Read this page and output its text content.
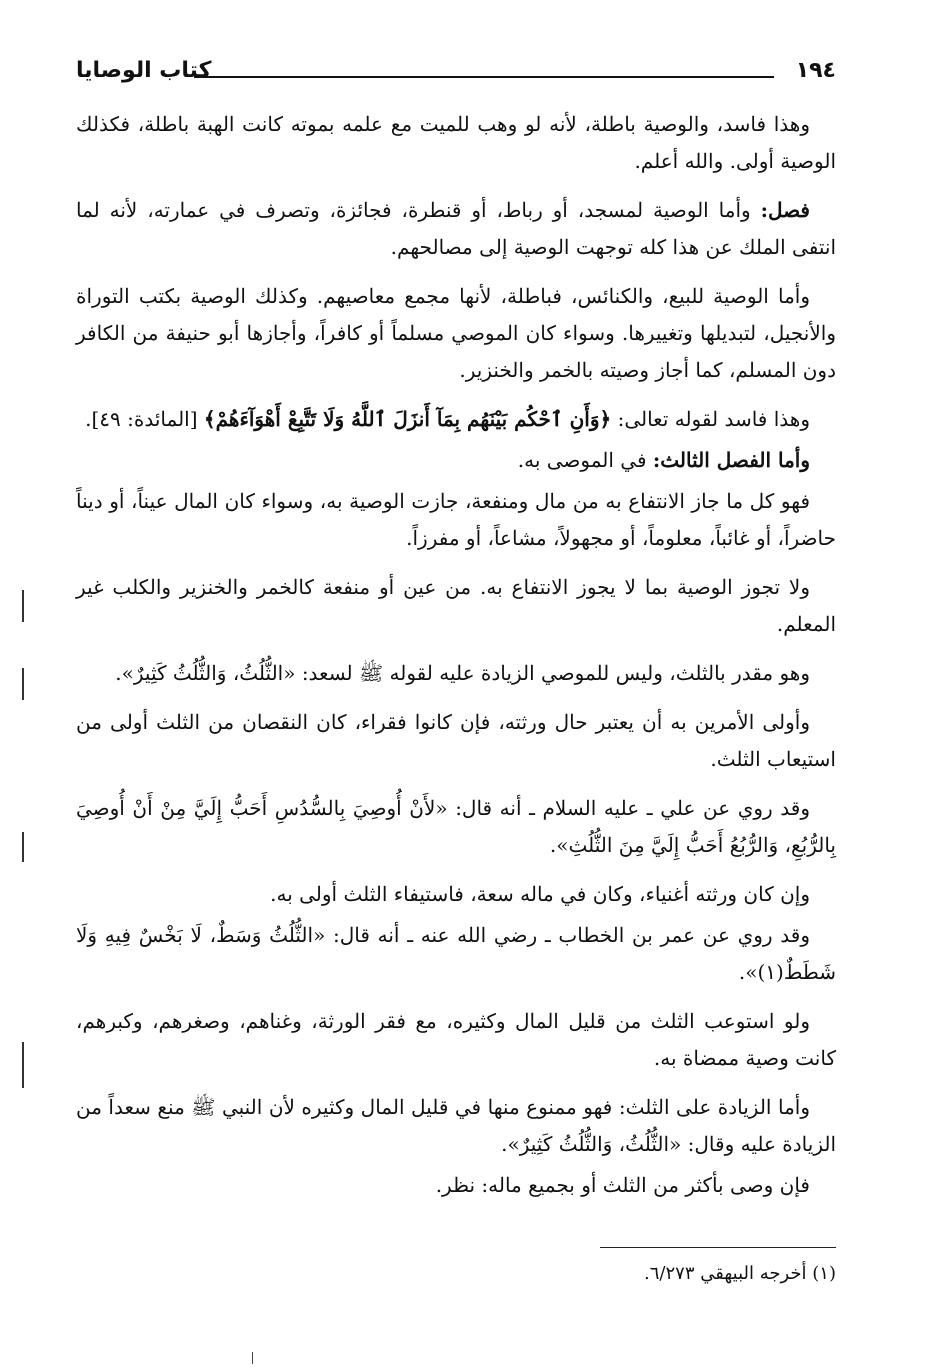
كتاب الوصايا	١٩٤

وهذا فاسد، والوصية باطلة، لأنه لو وهب للميت مع علمه بموته كانت الهبة باطلة، فكذلك الوصية أولى. والله أعلم.

فصل: وأما الوصية لمسجد، أو رباط، أو قنطرة، فجائزة، وتصرف في عمارته، لأنه لما انتفى الملك عن هذا كله توجهت الوصية إلى مصالحهم.

وأما الوصية للبيع، والكنائس، فباطلة، لأنها مجمع معاصيهم. وكذلك الوصية بكتب التوراة والأنجيل، لتبديلها وتغييرها. وسواء كان الموصي مسلماً أو كافراً، وأجازها أبو حنيفة من الكافر دون المسلم، كما أجاز وصيته بالخمر والخنزير.

وهذا فاسد لقوله تعالى: ﴿وَأَنِ ٱحْكُم بَيْنَهُم بِمَآ أَنزَلَ ٱللَّهُ وَلَا تَتَّبِعْ أَهْوَآءَهُمْ﴾ [المائدة: ٤٩].

وأما الفصل الثالث: في الموصى به.

فهو كل ما جاز الانتفاع به من مال ومنفعة، جازت الوصية به، وسواء كان المال عيناً، أو ديناً حاضراً، أو غائباً، معلوماً، أو مجهولاً، مشاعاً، أو مفرزاً.

ولا تجوز الوصية بما لا يجوز الانتفاع به. من عين أو منفعة كالخمر والخنزير والكلب غير المعلم.

وهو مقدر بالثلث، وليس للموصي الزيادة عليه لقوله ﷺ لسعد: «الثُّلُثُ، وَالثُّلُثُ كَثِيرٌ».

وأولى الأمرين به أن يعتبر حال ورثته، فإن كانوا فقراء، كان النقصان من الثلث أولى من استيعاب الثلث.

وقد روي عن علي ـ عليه السلام ـ أنه قال: «لأَنْ أُوصِيَ بِالسُّدُسِ أَحَبُّ إِلَيَّ مِنْ أَنْ أُوصِيَ بِالرُّبُعِ، وَالرُّبُعُ أَحَبُّ إِلَيَّ مِنَ الثُّلُثِ».

وإن كان ورثته أغنياء، وكان في ماله سعة، فاستيفاء الثلث أولى به.

وقد روي عن عمر بن الخطاب ـ رضي الله عنه ـ أنه قال: «الثُّلُثُ وَسَطٌ، لَا بَخْسٌ فِيهِ وَلَا شَطَطٌ(١)».

ولو استوعب الثلث من قليل المال وكثيره، مع فقر الورثة، وغناهم، وصغرهم، وكبرهم، كانت وصية ممضاة به.

وأما الزيادة على الثلث: فهو ممنوع منها في قليل المال وكثيره لأن النبي ﷺ منع سعداً من الزيادة عليه وقال: «الثُّلُثُ، وَالثُّلُثُ كَثِيرٌ».

فإن وصى بأكثر من الثلث أو بجميع ماله: نظر.

(١) أخرجه البيهقي ٦/٢٧٣.
